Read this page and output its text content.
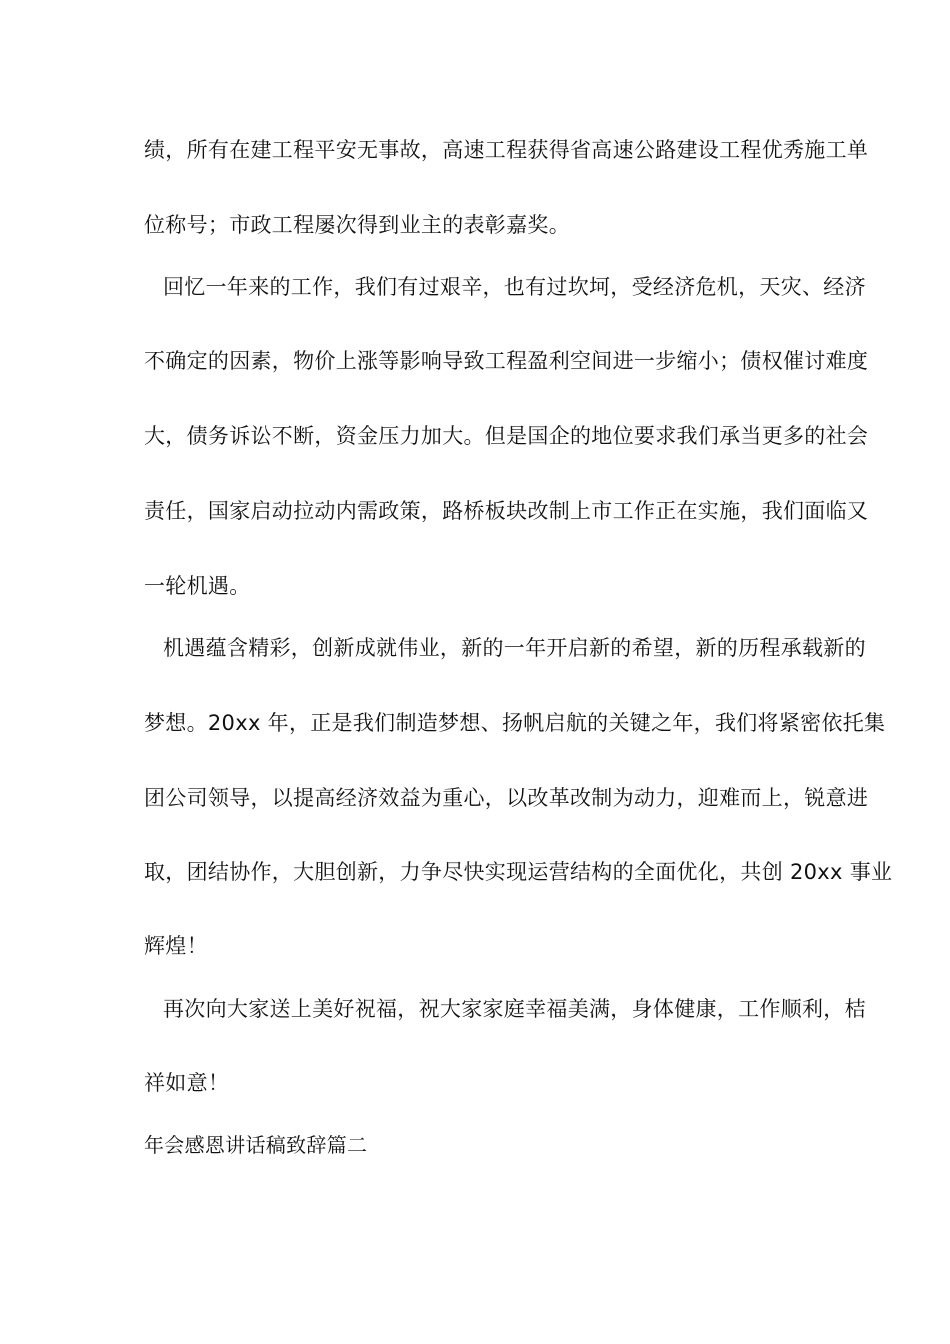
绩，所有在建工程平安无事故，高速工程获得省高速公路建设工程优秀施工单
位称号；市政工程屡次得到业主的表彰嘉奖。
回忆一年来的工作，我们有过艰辛，也有过坎坷，受经济危机，天灾、经济
不确定的因素，物价上涨等影响导致工程盈利空间进一步缩小；债权催讨难度
大，债务诉讼不断，资金压力加大。但是国企的地位要求我们承当更多的社会
责任，国家启动拉动内需政策，路桥板块改制上市工作正在实施，我们面临又
一轮机遇。
机遇蕴含精彩，创新成就伟业，新的一年开启新的希望，新的历程承载新的
梦想。20xx 年，正是我们制造梦想、扬帆启航的关键之年，我们将紧密依托集
团公司领导，以提高经济效益为重心，以改革改制为动力，迎难而上，锐意进
取，团结协作，大胆创新，力争尽快实现运营结构的全面优化，共创 20xx 事业
辉煌！
再次向大家送上美好祝福，祝大家家庭幸福美满，身体健康，工作顺利，桔
祥如意！
年会感恩讲话稿致辞篇二
